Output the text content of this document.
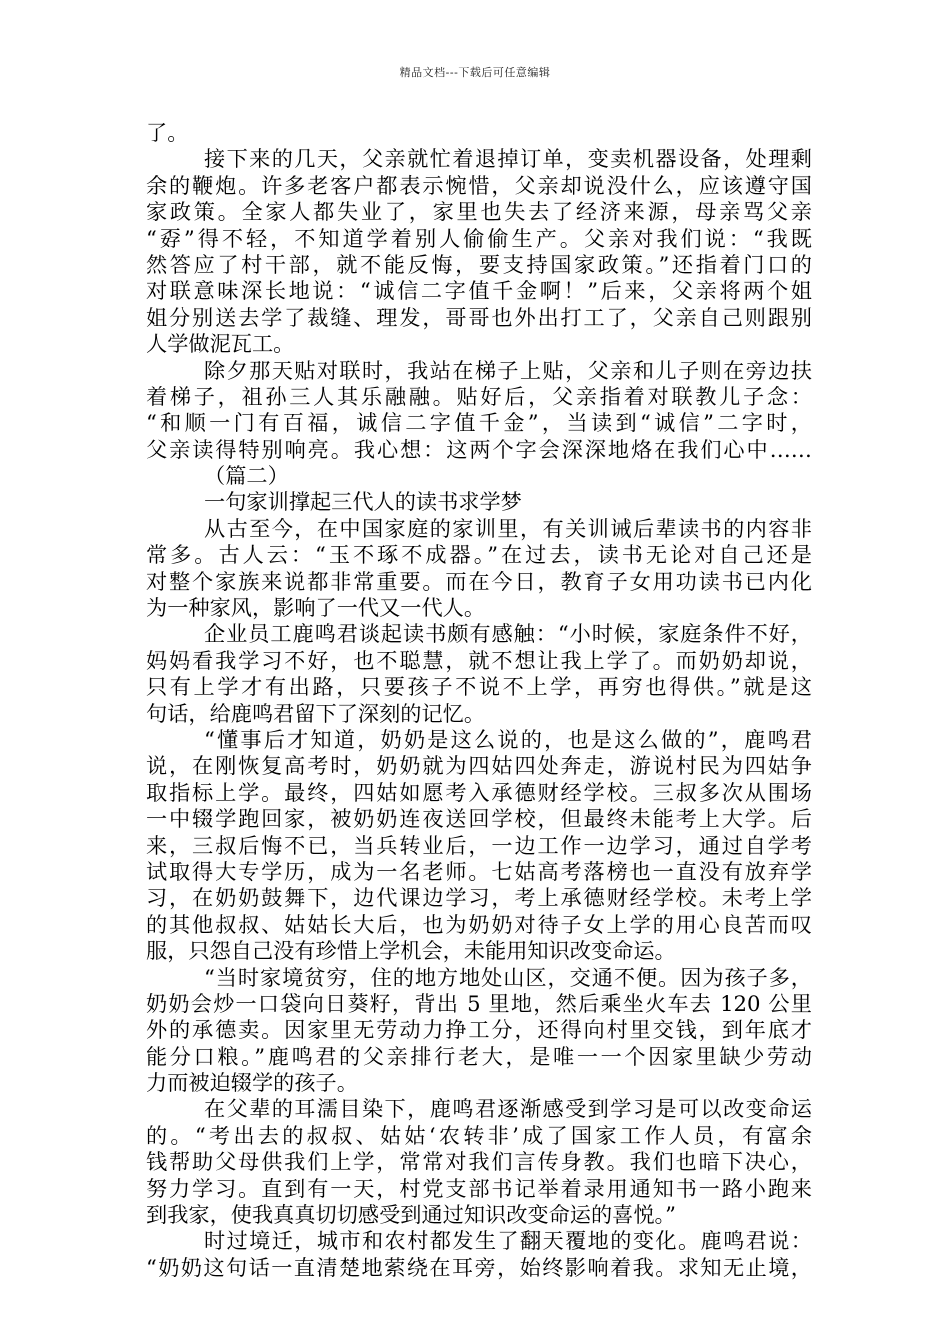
精品文档---下载后可任意编辑
了。
接下来的几天，父亲就忙着退掉订单，变卖机器设备，处理剩
余的鞭炮。许多老客户都表示惋惜，父亲却说没什么，应该遵守国
家政策。全家人都失业了，家里也失去了经济来源，母亲骂父亲
“孬”得不轻，不知道学着别人偷偷生产。父亲对我们说：“我既
然答应了村干部，就不能反悔，要支持国家政策。”还指着门口的
对联意味深长地说：“诚信二字值千金啊！”后来，父亲将两个姐
姐分别送去学了裁缝、理发，哥哥也外出打工了，父亲自己则跟别
人学做泥瓦工。
除夕那天贴对联时，我站在梯子上贴，父亲和儿子则在旁边扶
着梯子，祖孙三人其乐融融。贴好后，父亲指着对联教儿子念：
“和顺一门有百福，诚信二字值千金”，当读到“诚信”二字时，
父亲读得特别响亮。我心想：这两个字会深深地烙在我们心中……
（篇二）
一句家训撑起三代人的读书求学梦
从古至今，在中国家庭的家训里，有关训诫后辈读书的内容非
常多。古人云：“玉不琢不成器。”在过去，读书无论对自己还是
对整个家族来说都非常重要。而在今日，教育子女用功读书已内化
为一种家风，影响了一代又一代人。
企业员工鹿鸣君谈起读书颇有感触：“小时候，家庭条件不好，
妈妈看我学习不好，也不聪慧，就不想让我上学了。而奶奶却说，
只有上学才有出路，只要孩子不说不上学，再穷也得供。”就是这
句话，给鹿鸣君留下了深刻的记忆。
“懂事后才知道，奶奶是这么说的，也是这么做的”，鹿鸣君
说，在刚恢复高考时，奶奶就为四姑四处奔走，游说村民为四姑争
取指标上学。最终，四姑如愿考入承德财经学校。三叔多次从围场
一中辍学跑回家，被奶奶连夜送回学校，但最终未能考上大学。后
来，三叔后悔不已，当兵转业后，一边工作一边学习，通过自学考
试取得大专学历，成为一名老师。七姑高考落榜也一直没有放弃学
习，在奶奶鼓舞下，边代课边学习，考上承德财经学校。未考上学
的其他叔叔、姑姑长大后，也为奶奶对待子女上学的用心良苦而叹
服，只怨自己没有珍惜上学机会，未能用知识改变命运。
“当时家境贫穷，住的地方地处山区，交通不便。因为孩子多，
奶奶会炒一口袋向日葵籽，背出 5 里地，然后乘坐火车去 120 公里
外的承德卖。因家里无劳动力挣工分，还得向村里交钱，到年底才
能分口粮。”鹿鸣君的父亲排行老大，是唯一一个因家里缺少劳动
力而被迫辍学的孩子。
在父辈的耳濡目染下，鹿鸣君逐渐感受到学习是可以改变命运
的。“考出去的叔叔、姑姑‘农转非’成了国家工作人员，有富余
钱帮助父母供我们上学，常常对我们言传身教。我们也暗下决心，
努力学习。直到有一天，村党支部书记举着录用通知书一路小跑来
到我家，使我真真切切感受到通过知识改变命运的喜悦。”
时过境迁，城市和农村都发生了翻天覆地的变化。鹿鸣君说：
“奶奶这句话一直清楚地萦绕在耳旁，始终影响着我。求知无止境，
